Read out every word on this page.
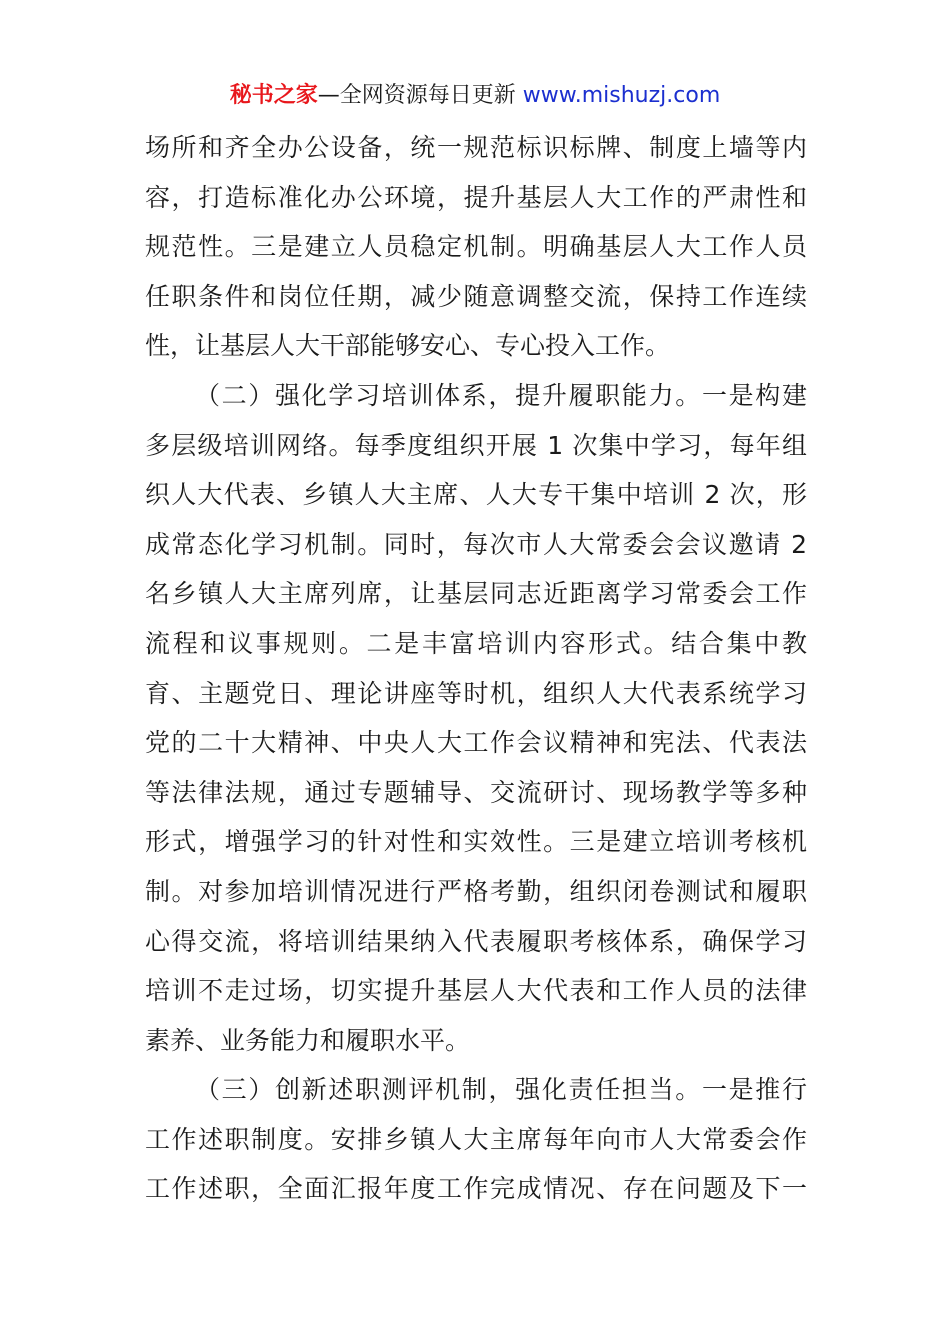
秘书之家—全网资源每日更新 www.mishuzj.com
场所和齐全办公设备，统一规范标识标牌、制度上墙等内
容，打造标准化办公环境，提升基层人大工作的严肃性和
规范性。三是建立人员稳定机制。明确基层人大工作人员
任职条件和岗位任期，减少随意调整交流，保持工作连续
性，让基层人大干部能够安心、专心投入工作。
（二）强化学习培训体系，提升履职能力。一是构建
多层级培训网络。每季度组织开展 1 次集中学习，每年组
织人大代表、乡镇人大主席、人大专干集中培训 2 次，形
成常态化学习机制。同时，每次市人大常委会会议邀请 2
名乡镇人大主席列席，让基层同志近距离学习常委会工作
流程和议事规则。二是丰富培训内容形式。结合集中教
育、主题党日、理论讲座等时机，组织人大代表系统学习
党的二十大精神、中央人大工作会议精神和宪法、代表法
等法律法规，通过专题辅导、交流研讨、现场教学等多种
形式，增强学习的针对性和实效性。三是建立培训考核机
制。对参加培训情况进行严格考勤，组织闭卷测试和履职
心得交流，将培训结果纳入代表履职考核体系，确保学习
培训不走过场，切实提升基层人大代表和工作人员的法律
素养、业务能力和履职水平。
（三）创新述职测评机制，强化责任担当。一是推行
工作述职制度。安排乡镇人大主席每年向市人大常委会作
工作述职，全面汇报年度工作完成情况、存在问题及下一
